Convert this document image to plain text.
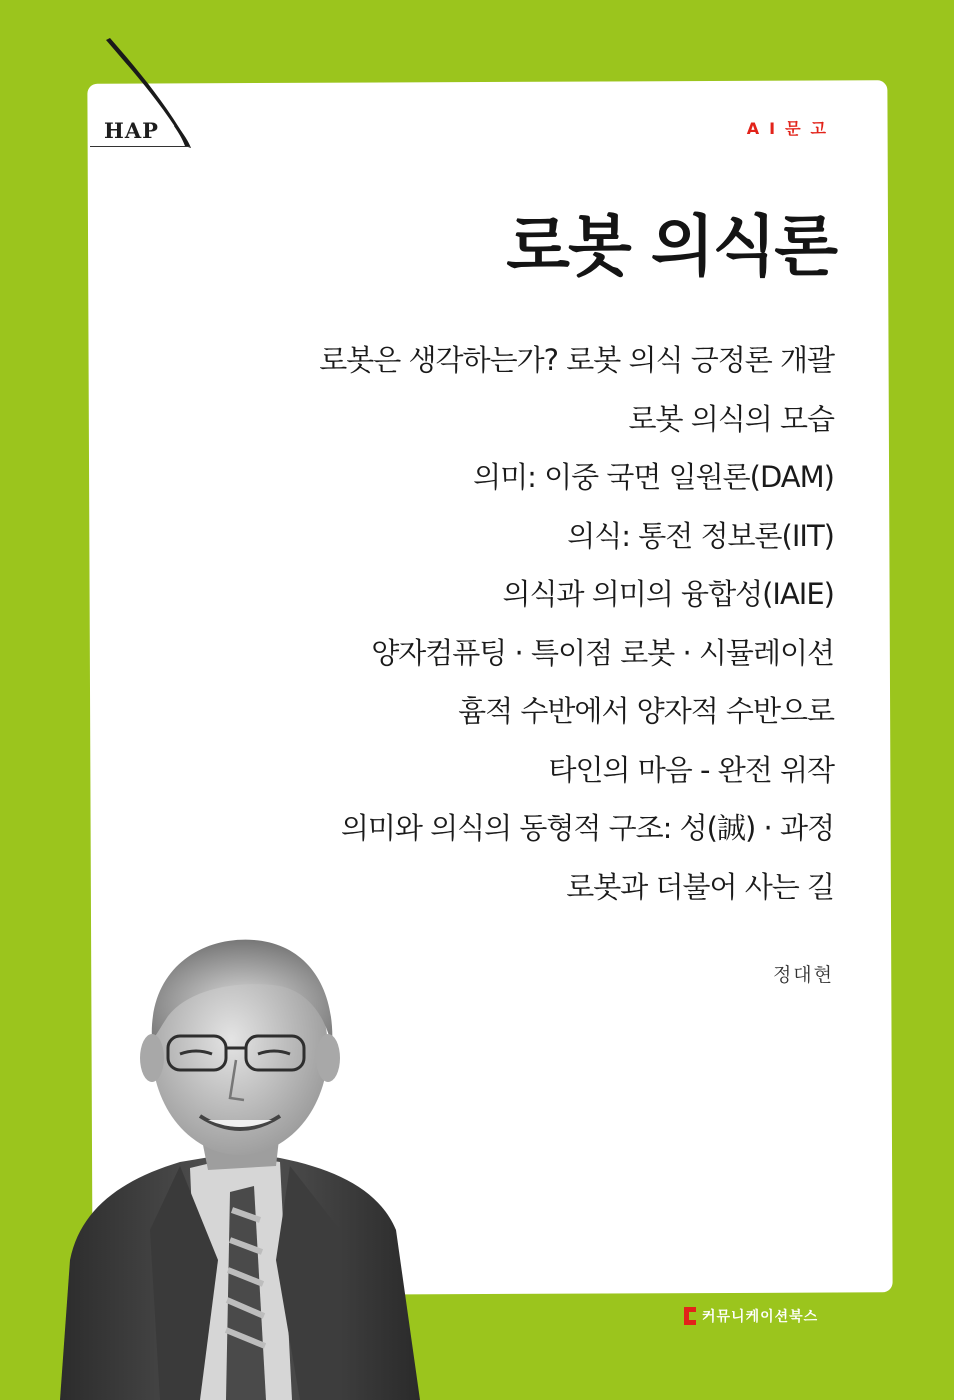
HAP	AI문고
로봇 의식론
로봇은 생각하는가? 로봇 의식 긍정론 개괄
로봇 의식의 모습
의미: 이중 국면 일원론(DAM)
의식: 통전 정보론(IIT)
의식과 의미의 융합성(IAIE)
양자컴퓨팅 · 특이점 로봇 · 시뮬레이션
흄적 수반에서 양자적 수반으로
타인의 마음 - 완전 위작
의미와 의식의 동형적 구조: 성(誠) · 과정
로봇과 더불어 사는 길
정대현
커뮤니케이션북스
